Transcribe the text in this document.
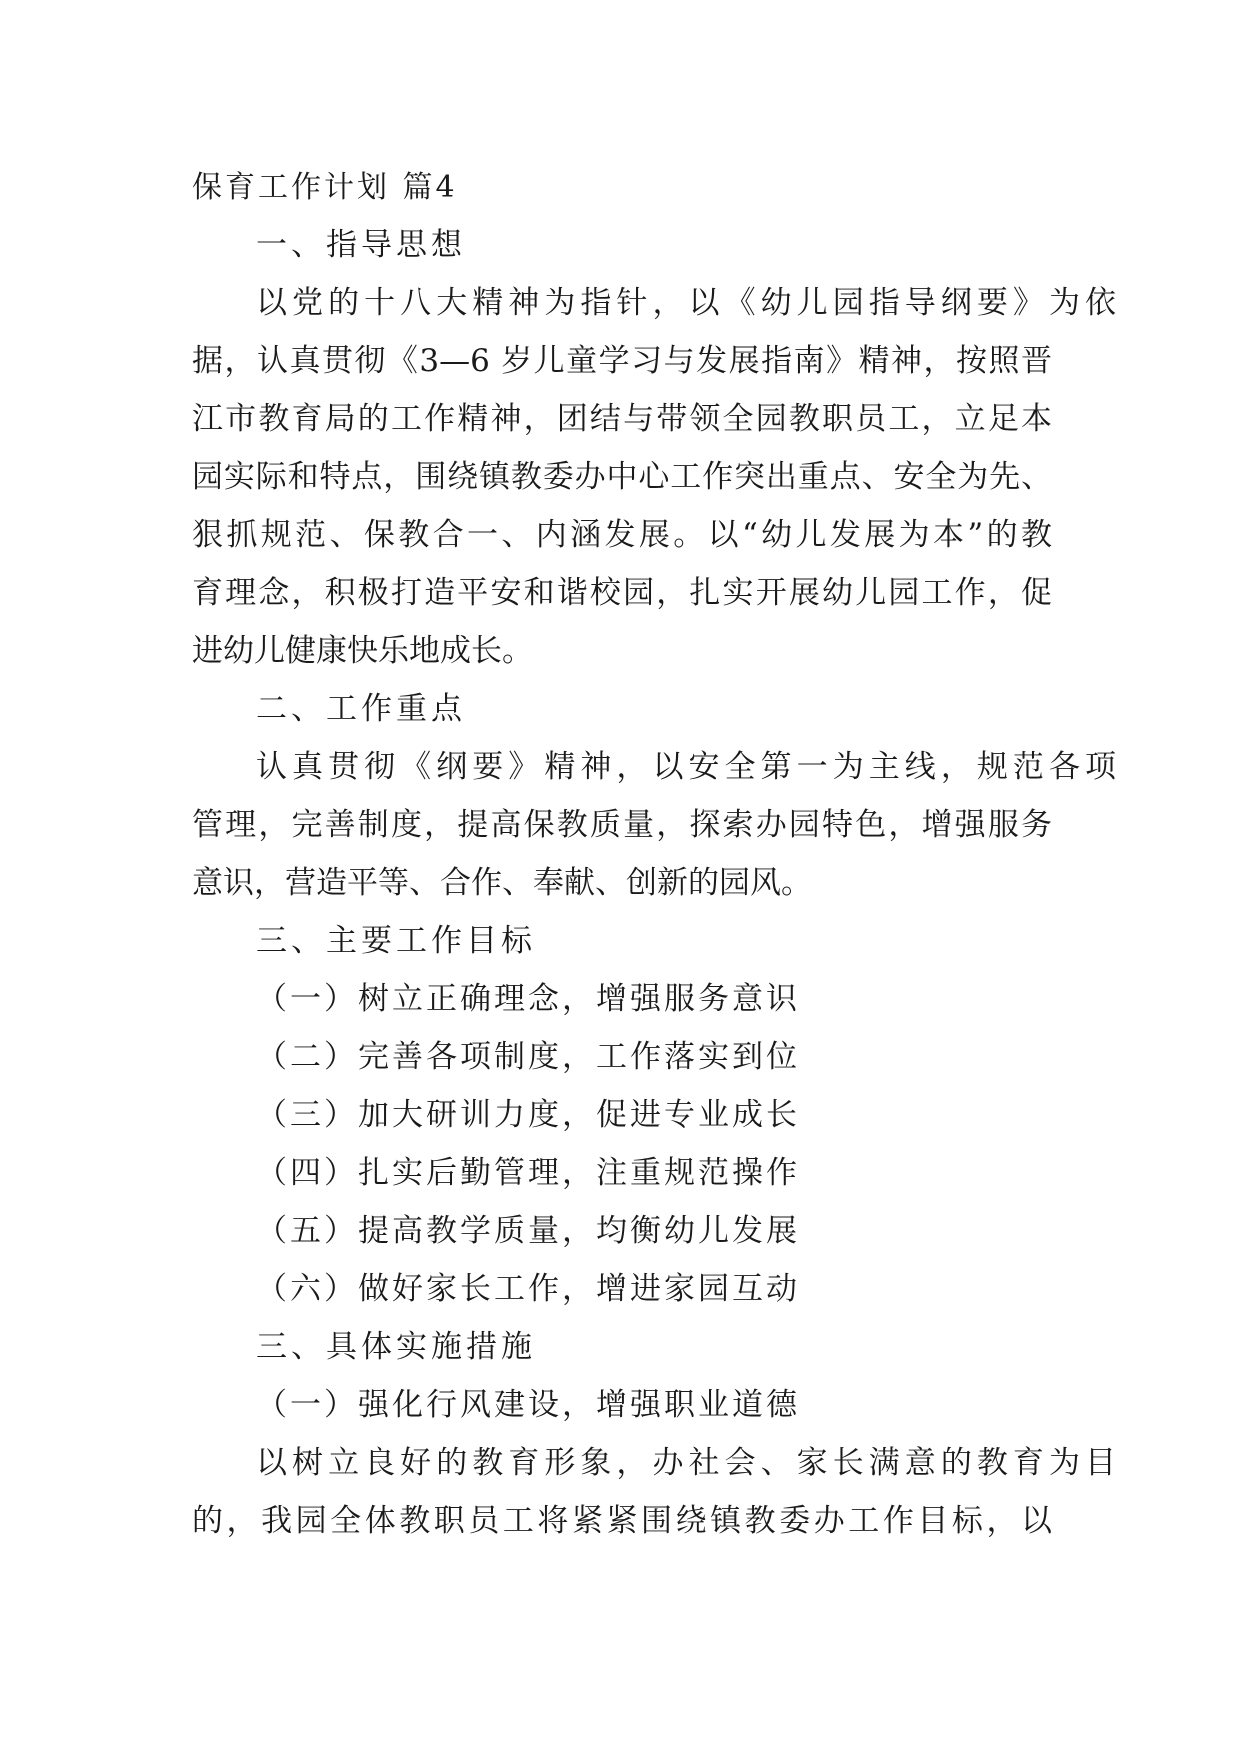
保育工作计划 篇4
一、指导思想
以党的十八大精神为指针，以《幼儿园指导纲要》为依
据，认真贯彻《3—6 岁儿童学习与发展指南》精神，按照晋
江市教育局的工作精神，团结与带领全园教职员工，立足本
园实际和特点，围绕镇教委办中心工作突出重点、安全为先、
狠抓规范、保教合一、内涵发展。以“幼儿发展为本”的教
育理念，积极打造平安和谐校园，扎实开展幼儿园工作，促
进幼儿健康快乐地成长。
二、工作重点
认真贯彻《纲要》精神，以安全第一为主线，规范各项
管理，完善制度，提高保教质量，探索办园特色，增强服务
意识，营造平等、合作、奉献、创新的园风。
三、主要工作目标
（一）树立正确理念，增强服务意识
（二）完善各项制度，工作落实到位
（三）加大研训力度，促进专业成长
（四）扎实后勤管理，注重规范操作
（五）提高教学质量，均衡幼儿发展
（六）做好家长工作，增进家园互动
三、具体实施措施
（一）强化行风建设，增强职业道德
以树立良好的教育形象，办社会、家长满意的教育为目
的，我园全体教职员工将紧紧围绕镇教委办工作目标，以
